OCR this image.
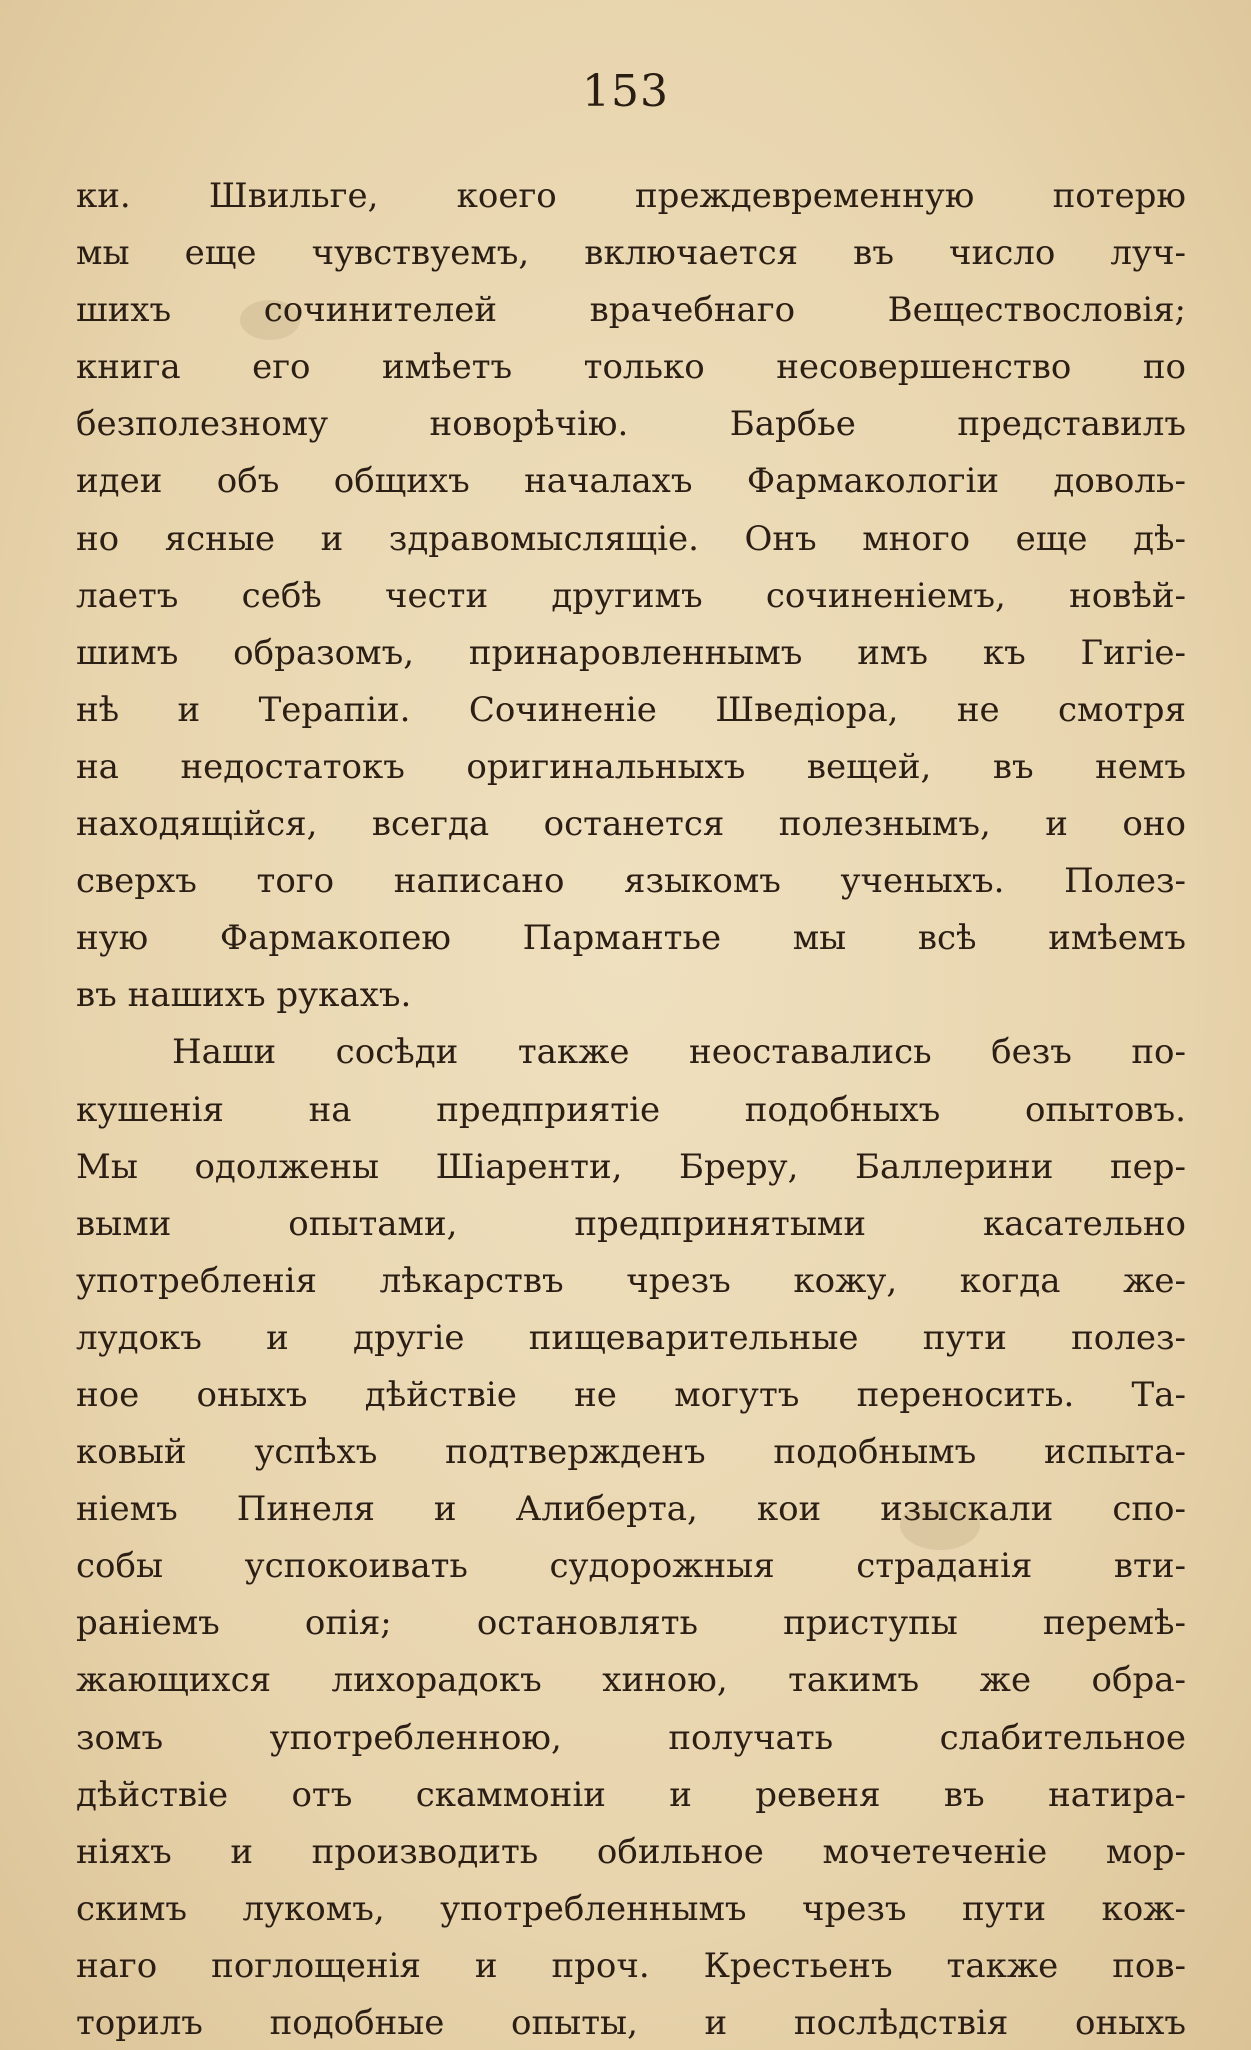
153
ки. Швильге, коего преждевременную потерю
мы еще чувствуемъ, включается въ число луч-
шихъ сочинителей врачебнаго Веществословія;
книга его имѣетъ только несовершенство по
безполезному новорѣчію. Барбье представилъ
идеи объ общихъ началахъ Фармакологіи доволь-
но ясные и здравомыслящіе. Онъ много еще дѣ-
лаетъ себѣ чести другимъ сочиненіемъ, новѣй-
шимъ образомъ, принаровленнымъ имъ къ Гигіе-
нѣ и Терапіи. Сочиненіе Шведіора, не смотря
на недостатокъ оригинальныхъ вещей, въ немъ
находящійся, всегда останется полезнымъ, и оно
сверхъ того написано языкомъ ученыхъ. Полез-
ную Фармакопею Пармантье мы всѣ имѣемъ
въ нашихъ рукахъ.
Наши сосѣди также неоставались безъ по-
кушенія на предприятіе подобныхъ опытовъ.
Мы одолжены Шіаренти, Бреру, Баллерини пер-
выми опытами, предпринятыми касательно
употребленія лѣкарствъ чрезъ кожу, когда же-
лудокъ и другіе пищеварительные пути полез-
ное оныхъ дѣйствіе не могутъ переносить. Та-
ковый успѣхъ подтвержденъ подобнымъ испыта-
ніемъ Пинеля и Алиберта, кои изыскали спо-
собы успокоивать судорожныя страданія вти-
раніемъ опія; остановлять приступы перемѣ-
жающихся лихорадокъ хиною, такимъ же обра-
зомъ употребленною, получать слабительное
дѣйствіе отъ скаммоніи и ревеня въ натира-
ніяхъ и производить обильное мочетеченіе мор-
скимъ лукомъ, употребленнымъ чрезъ пути кож-
наго поглощенія и проч. Крестьенъ также пов-
торилъ подобные опыты, и послѣдствія оныхъ
